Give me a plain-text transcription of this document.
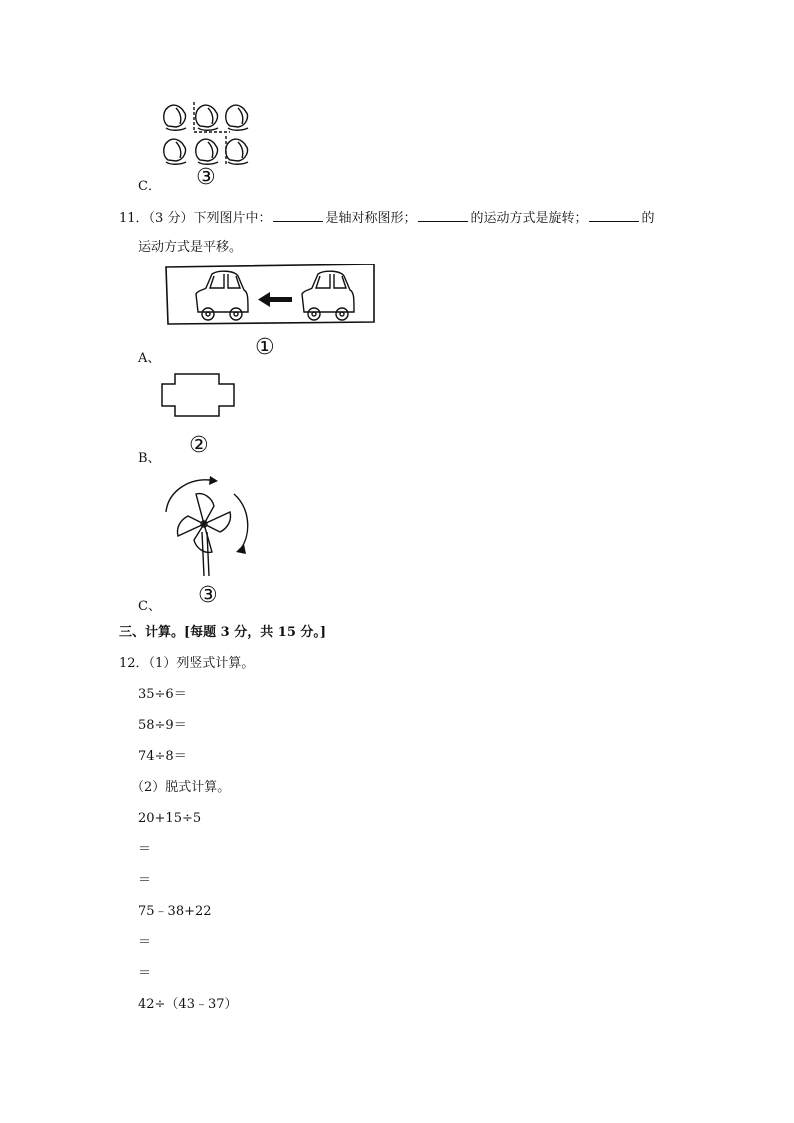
C． ③
11．（3 分）下列图片中：	是轴对称图形；	的运动方式是旋转；	的
运动方式是平移。
A、	①
B、
②
C、 ③
三、计算。[每题 3 分，共 15 分。]
12．（1）列竖式计算。
35÷6＝
58÷9＝
74÷8＝
（2）脱式计算。
20+15÷5
＝
＝
75﹣38+22
＝
＝
42÷（43﹣37）
